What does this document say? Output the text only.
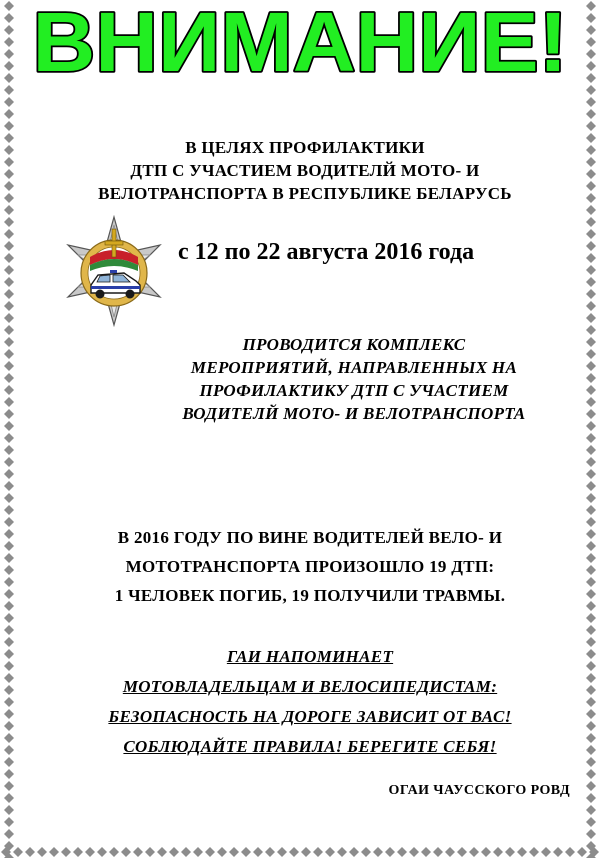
ВНИМАНИЕ!
В ЦЕЛЯХ ПРОФИЛАКТИКИ
ДТП С УЧАСТИЕМ ВОДИТЕЛЙ МОТО- И
ВЕЛОТРАНСПОРТА В РЕСПУБЛИКЕ БЕЛАРУСЬ
с 12 по 22 августа 2016 года
ПРОВОДИТСЯ КОМПЛЕКС
МЕРОПРИЯТИЙ, НАПРАВЛЕННЫХ НА
ПРОФИЛАКТИКУ ДТП С УЧАСТИЕМ
ВОДИТЕЛЙ МОТО- И ВЕЛОТРАНСПОРТА
В 2016 ГОДУ ПО ВИНЕ ВОДИТЕЛЕЙ ВЕЛО- И
МОТОТРАНСПОРТА ПРОИЗОШЛО 19 ДТП:
1 ЧЕЛОВЕК ПОГИБ, 19 ПОЛУЧИЛИ ТРАВМЫ.
ГАИ НАПОМИНАЕТ
МОТОВЛАДЕЛЬЦАМ И ВЕЛОСИПЕДИСТАМ:
БЕЗОПАСНОСТЬ НА ДОРОГЕ ЗАВИСИТ ОТ ВАС!
СОБЛЮДАЙТЕ ПРАВИЛА! БЕРЕГИТЕ СЕБЯ!
ОГАИ ЧАУССКОГО РОВД
